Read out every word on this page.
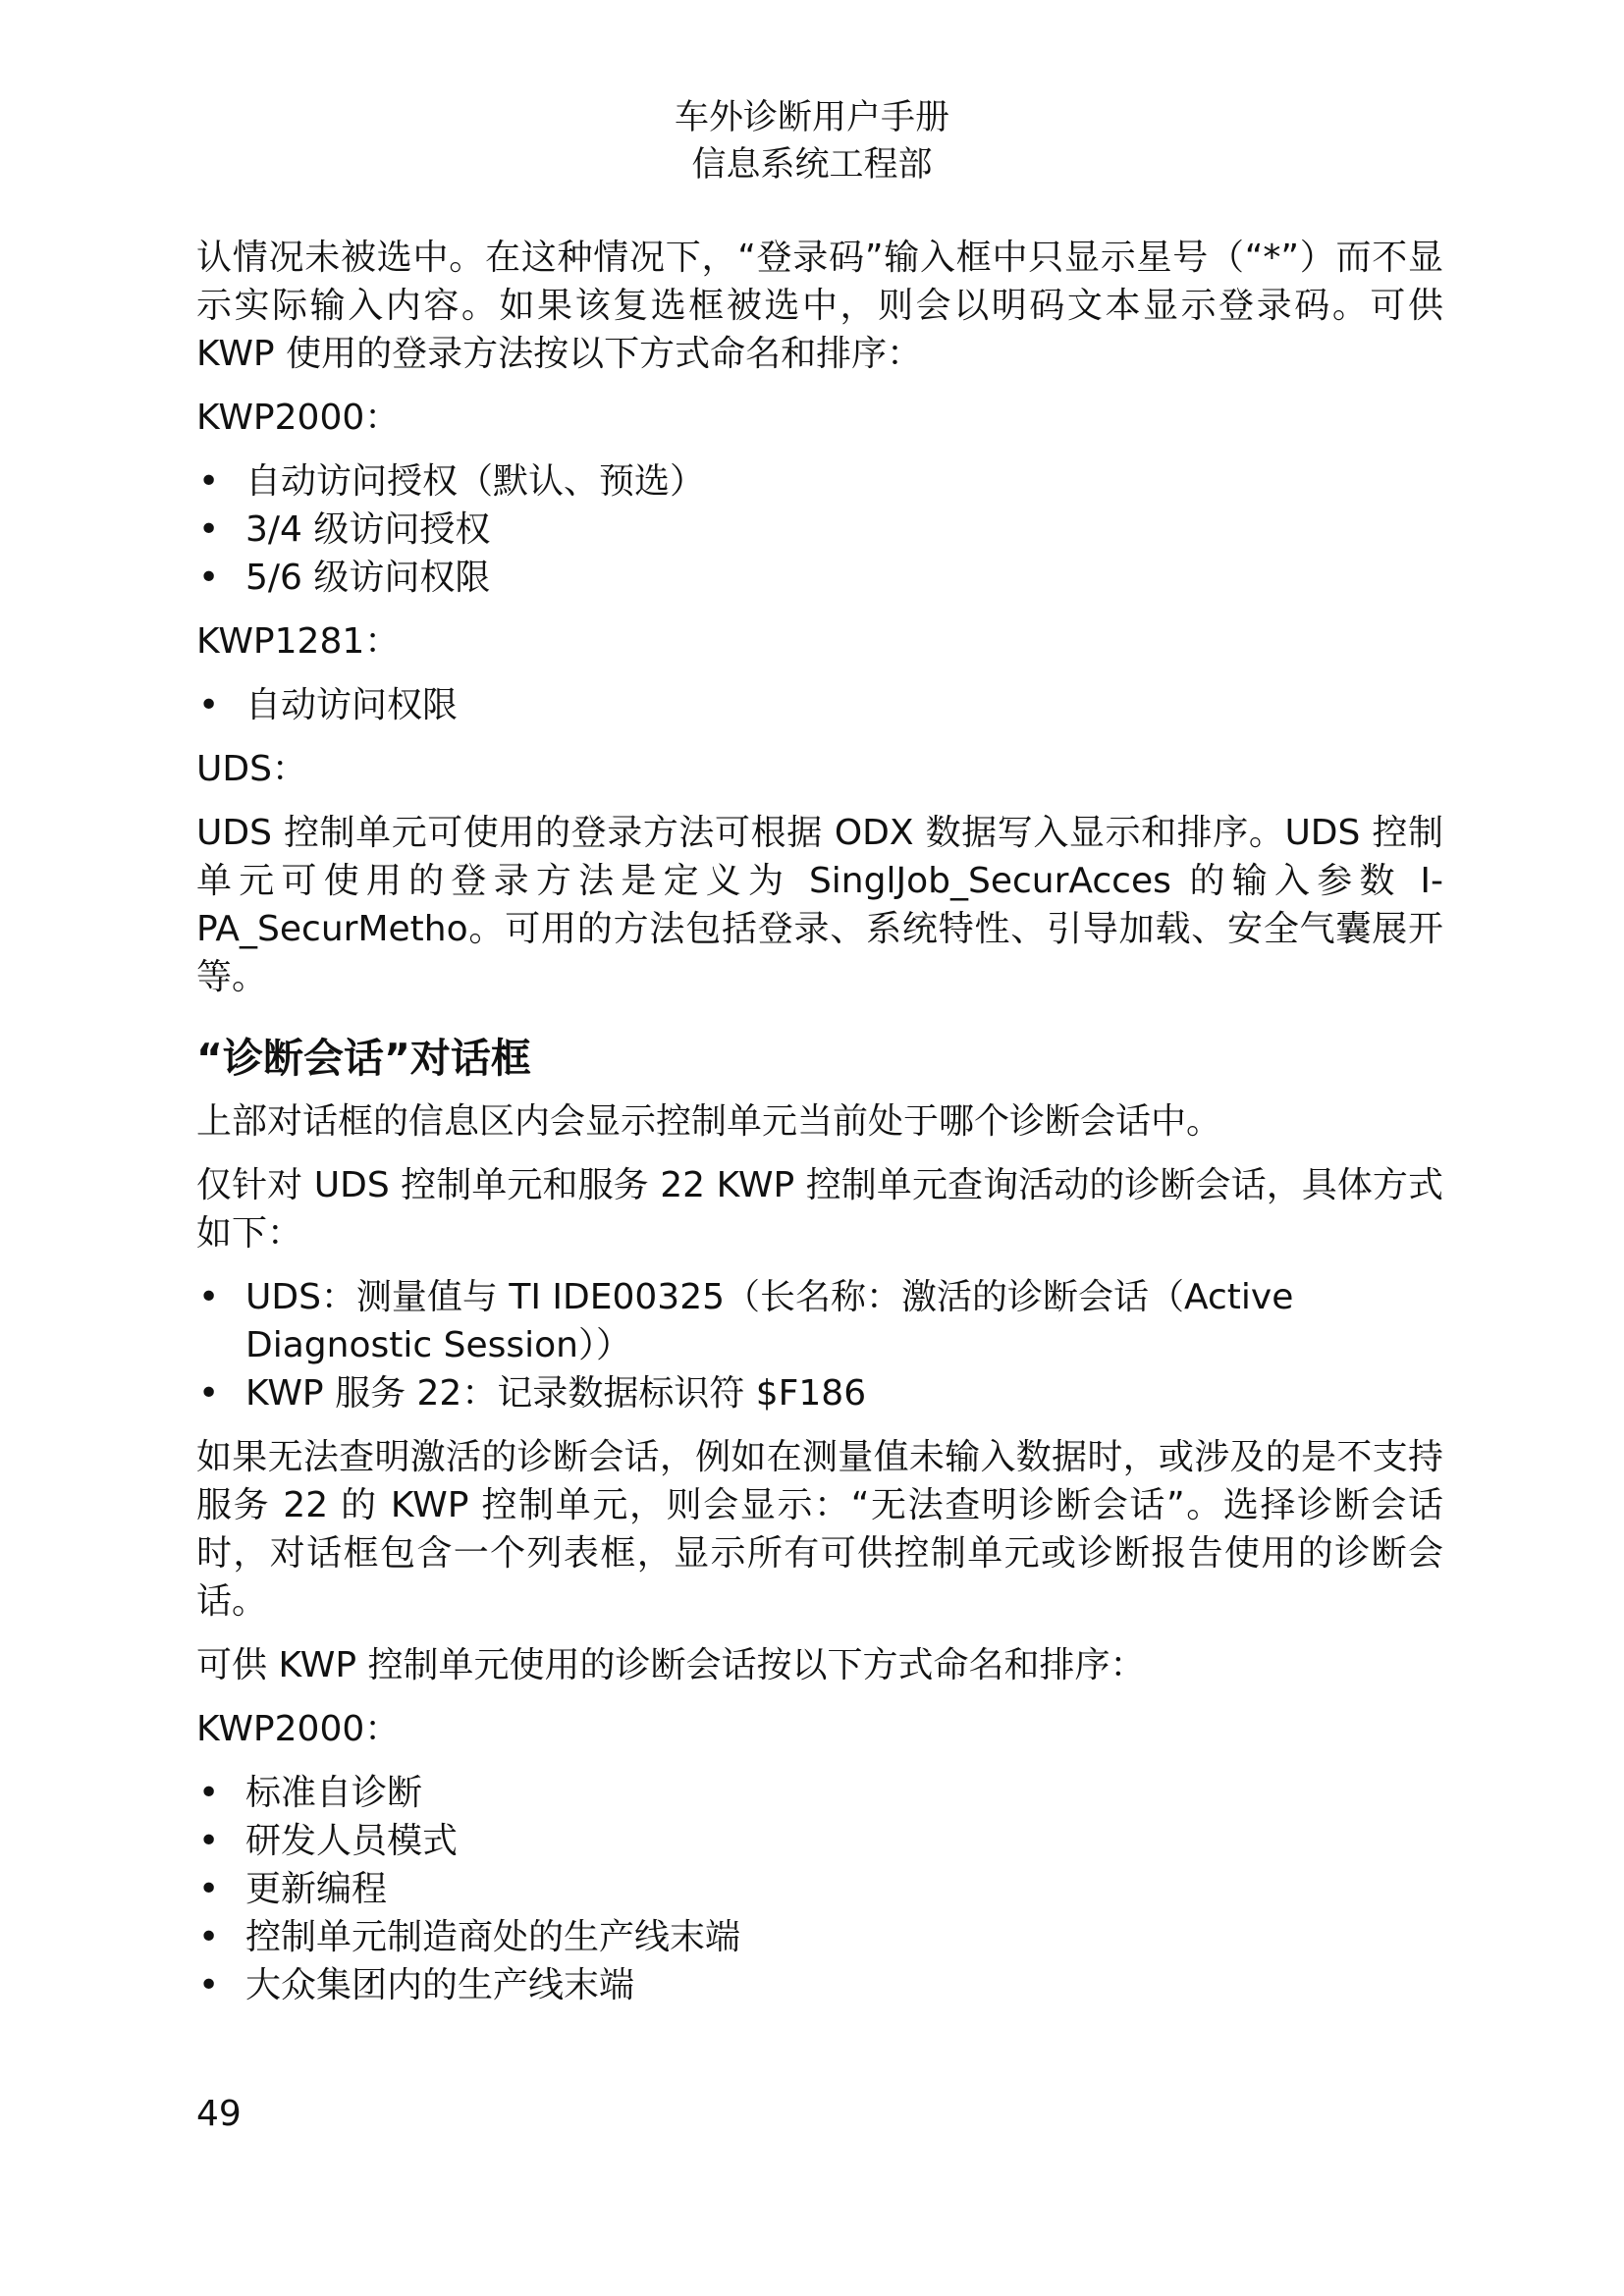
车外诊断用户手册
信息系统工程部

认情况未被选中。在这种情况下，“登录码”输入框中只显示星号（“*”）而不显示实际输入内容。如果该复选框被选中，则会以明码文本显示登录码。可供 KWP 使用的登录方法按以下方式命名和排序：

KWP2000：

• 自动访问授权（默认、预选）
• 3/4 级访问授权
• 5/6 级访问权限

KWP1281：

• 自动访问权限

UDS：

UDS 控制单元可使用的登录方法可根据 ODX 数据写入显示和排序。UDS 控制单元可使用的登录方法是定义为 SinglJob_SecurAcces 的输入参数 I-PA_SecurMetho。可用的方法包括登录、系统特性、引导加载、安全气囊展开等。

“诊断会话”对话框

上部对话框的信息区内会显示控制单元当前处于哪个诊断会话中。

仅针对 UDS 控制单元和服务 22 KWP 控制单元查询活动的诊断会话，具体方式如下：

• UDS：测量值与 TI IDE00325（长名称：激活的诊断会话（Active Diagnostic Session））
• KWP 服务 22：记录数据标识符 $F186

如果无法查明激活的诊断会话，例如在测量值未输入数据时，或涉及的是不支持服务 22 的 KWP 控制单元，则会显示：“无法查明诊断会话”。选择诊断会话时，对话框包含一个列表框，显示所有可供控制单元或诊断报告使用的诊断会话。

可供 KWP 控制单元使用的诊断会话按以下方式命名和排序：

KWP2000：

• 标准自诊断
• 研发人员模式
• 更新编程
• 控制单元制造商处的生产线末端
• 大众集团内的生产线末端
49
